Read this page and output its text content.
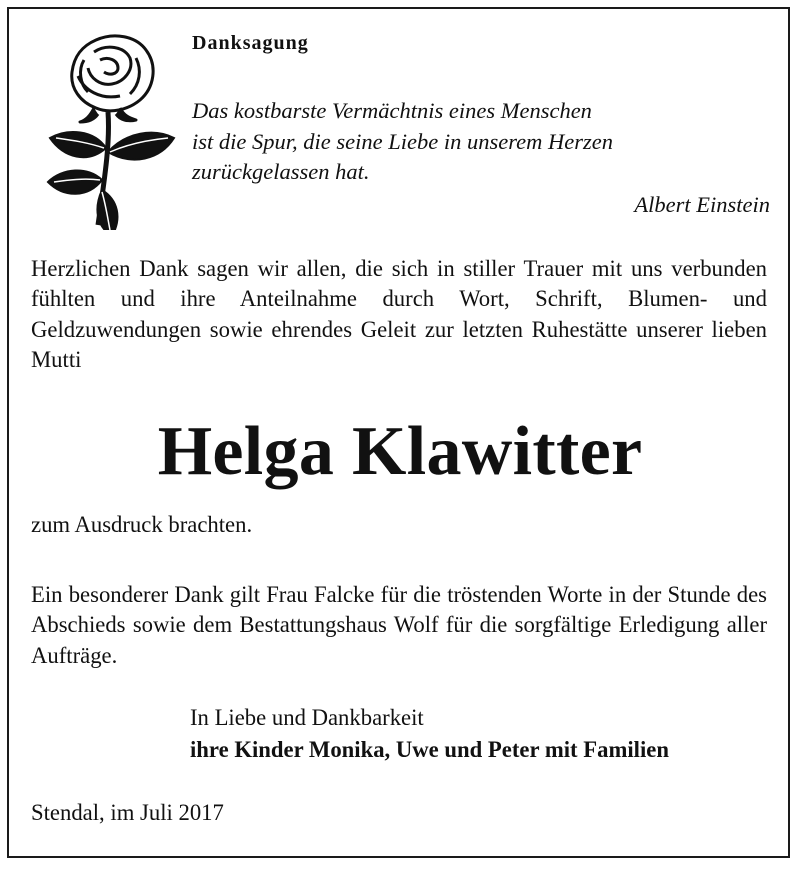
Danksagung

Das kostbarste Vermächtnis eines Menschen
ist die Spur, die seine Liebe in unserem Herzen
zurückgelassen hat.

Albert Einstein

Herzlichen Dank sagen wir allen, die sich in stiller Trauer mit uns verbunden fühlten und ihre Anteilnahme durch Wort, Schrift, Blumen- und Geldzuwendungen sowie ehrendes Geleit zur letzten Ruhestätte unserer lieben Mutti

Helga Klawitter

zum Ausdruck brachten.

Ein besonderer Dank gilt Frau Falcke für die tröstenden Worte in der Stunde des Abschieds sowie dem Bestattungshaus Wolf für die sorgfältige Erledigung aller Aufträge.

In Liebe und Dankbarkeit

ihre Kinder Monika, Uwe und Peter mit Familien

Stendal, im Juli 2017
